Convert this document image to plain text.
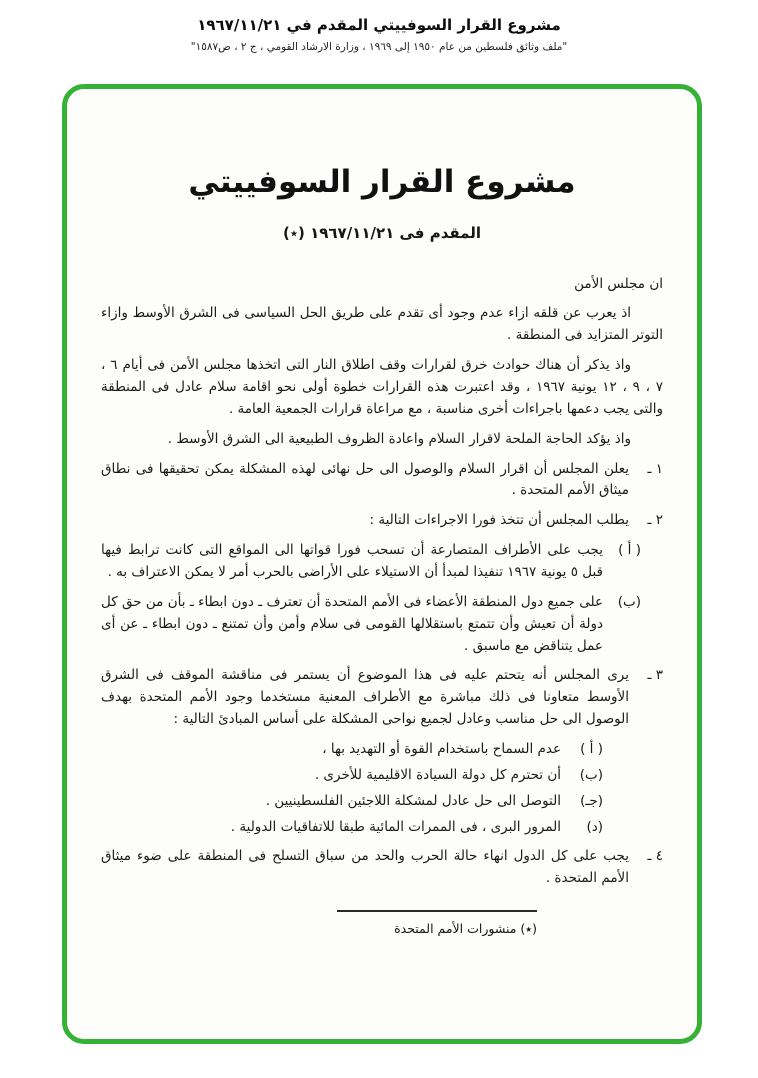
مشروع القرار السوفييتي المقدم في ١٩٦٧/١١/٢١
"ملف وثائق فلسطين من عام ١٩٥٠ إلى ١٩٦٩ ، وزارة الارشاد القومي ، ج ٢ ، ص١٥٨٧"
مشروع القرار السوفييتي
المقدم فى ١٩٦٧/١١/٢١ (٭)

ان مجلس الأمن

اذ يعرب عن قلقه ازاء عدم وجود أى تقدم على طريق الحل السياسى فى الشرق الأوسط وازاء التوتر المتزايد فى المنطقة .

واذ يذكر أن هناك حوادث خرق لقرارات وقف اطلاق النار التى اتخذها مجلس الأمن فى أيام ٦ ، ٧ ، ٩ ، ١٢ يونية ١٩٦٧ ، وقد اعتبرت هذه القرارات خطوة أولى نحو اقامة سلام عادل فى المنطقة والتى يجب دعمها باجراءات أخرى مناسبة ، مع مراعاة قرارات الجمعية العامة .

واذ يؤكد الحاجة الملحة لاقرار السلام واعادة الظروف الطبيعية الى الشرق الأوسط .

١ ـ
يعلن المجلس أن اقرار السلام والوصول الى حل نهائى لهذه المشكلة يمكن تحقيقها فى نطاق ميثاق الأمم المتحدة .
٢ ـ
يطلب المجلس أن تتخذ فورا الاجراءات التالية :
( أ )
يجب على الأطراف المتصارعة أن تسحب فورا قواتها الى المواقع التى كانت ترابط فيها قبل ٥ يونية ١٩٦٧ تنفيذا لمبدأ أن الاستيلاء على الأراضى بالحرب أمر لا يمكن الاعتراف به .
(ب)
على جميع دول المنطقة الأعضاء فى الأمم المتحدة أن تعترف ـ دون ابطاء ـ بأن من حق كل دولة أن تعيش وأن تتمتع باستقلالها القومى فى سلام وأمن وأن تمتنع ـ دون ابطاء ـ عن أى عمل يتناقض مع ماسبق .
٣ ـ
يرى المجلس أنه يتحتم عليه فى هذا الموضوع أن يستمر فى مناقشة الموقف فى الشرق الأوسط متعاونا فى ذلك مباشرة مع الأطراف المعنية مستخدما وجود الأمم المتحدة بهدف الوصول الى حل مناسب وعادل لجميع نواحى المشكلة على أساس المبادئ التالية :
( أ )
عدم السماح باستخدام القوة أو التهديد بها ،
(ب)
أن تحترم كل دولة السيادة الاقليمية للأخرى .
(جـ)
التوصل الى حل عادل لمشكلة اللاجئين الفلسطينيين .
(د)
المرور البرى ، فى الممرات المائية طبقا للاتفاقيات الدولية .
٤ ـ
يجب على كل الدول انهاء حالة الحرب والحد من سباق التسلح فى المنطقة على ضوء ميثاق الأمم المتحدة .
(٭) منشورات الأمم المتحدة
